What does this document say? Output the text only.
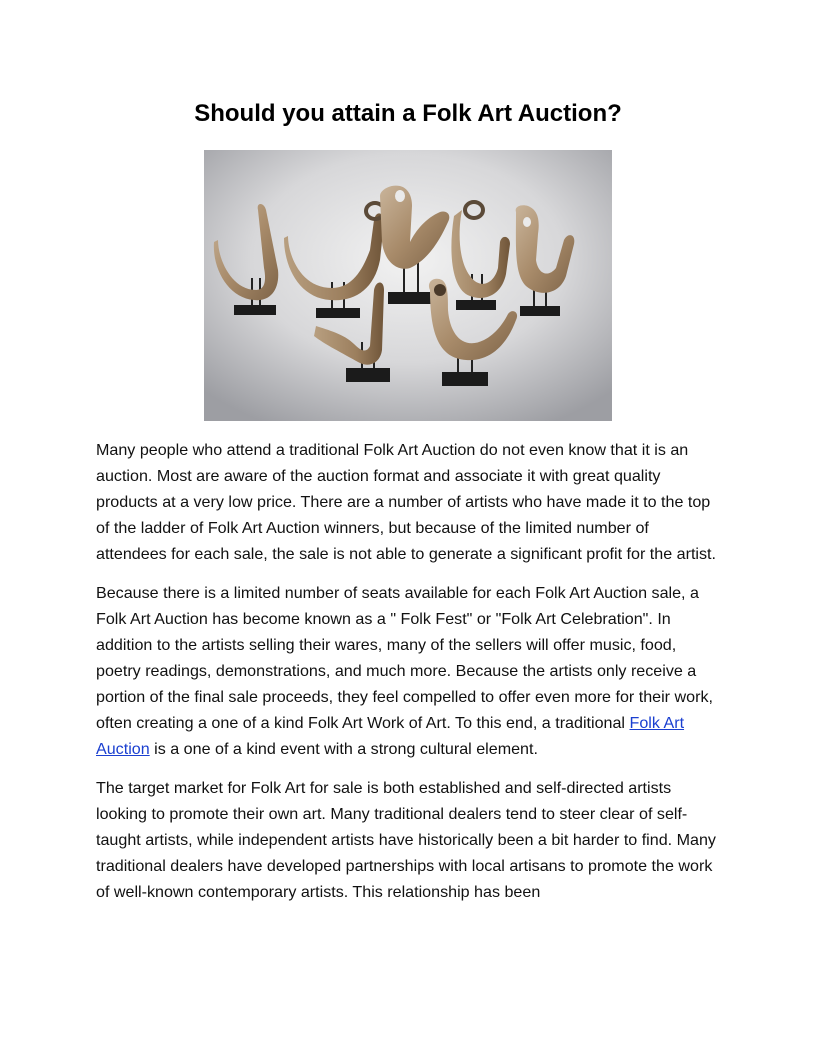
Should you attain a Folk Art Auction?

Many people who attend a traditional Folk Art Auction do not even know that it is an auction. Most are aware of the auction format and associate it with great quality products at a very low price. There are a number of artists who have made it to the top of the ladder of Folk Art Auction winners, but because of the limited number of attendees for each sale, the sale is not able to generate a significant profit for the artist.

Because there is a limited number of seats available for each Folk Art Auction sale, a Folk Art Auction has become known as a " Folk Fest" or "Folk Art Celebration". In addition to the artists selling their wares, many of the sellers will offer music, food, poetry readings, demonstrations, and much more. Because the artists only receive a portion of the final sale proceeds, they feel compelled to offer even more for their work, often creating a one of a kind Folk Art Work of Art. To this end, a traditional Folk Art Auction is a one of a kind event with a strong cultural element.

The target market for Folk Art for sale is both established and self-directed artists looking to promote their own art. Many traditional dealers tend to steer clear of self-taught artists, while independent artists have historically been a bit harder to find. Many traditional dealers have developed partnerships with local artisans to promote the work of well-known contemporary artists. This relationship has been
